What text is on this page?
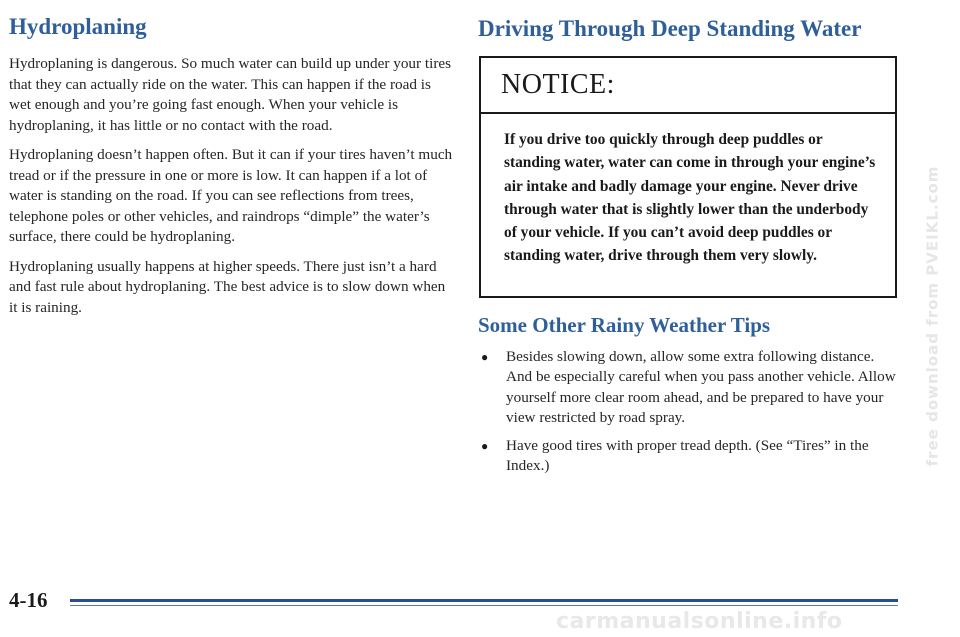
Hydroplaning

Hydroplaning is dangerous. So much water can build up under your tires that they can actually ride on the water. This can happen if the road is wet enough and you’re going fast enough. When your vehicle is hydroplaning, it has little or no contact with the road.

Hydroplaning doesn’t happen often. But it can if your tires haven’t much tread or if the pressure in one or more is low. It can happen if a lot of water is standing on the road. If you can see reflections from trees, telephone poles or other vehicles, and raindrops “dimple” the water’s surface, there could be hydroplaning.

Hydroplaning usually happens at higher speeds. There just isn’t a hard and fast rule about hydroplaning. The best advice is to slow down when it is raining.

Driving Through Deep Standing Water
NOTICE:
If you drive too quickly through deep puddles or standing water, water can come in through your engine’s air intake and badly damage your engine. Never drive through water that is slightly lower than the underbody of your vehicle. If you can’t avoid deep puddles or standing water, drive through them very slowly.
Some Other Rainy Weather Tips
●	Besides slowing down, allow some extra following distance. And be especially careful when you pass another vehicle. Allow yourself more clear room ahead, and be prepared to have your view restricted by road spray.
●	Have good tires with proper tread depth. (See “Tires” in the Index.)
4-16
free download from PVEIKL.com
carmanualsonline.info
